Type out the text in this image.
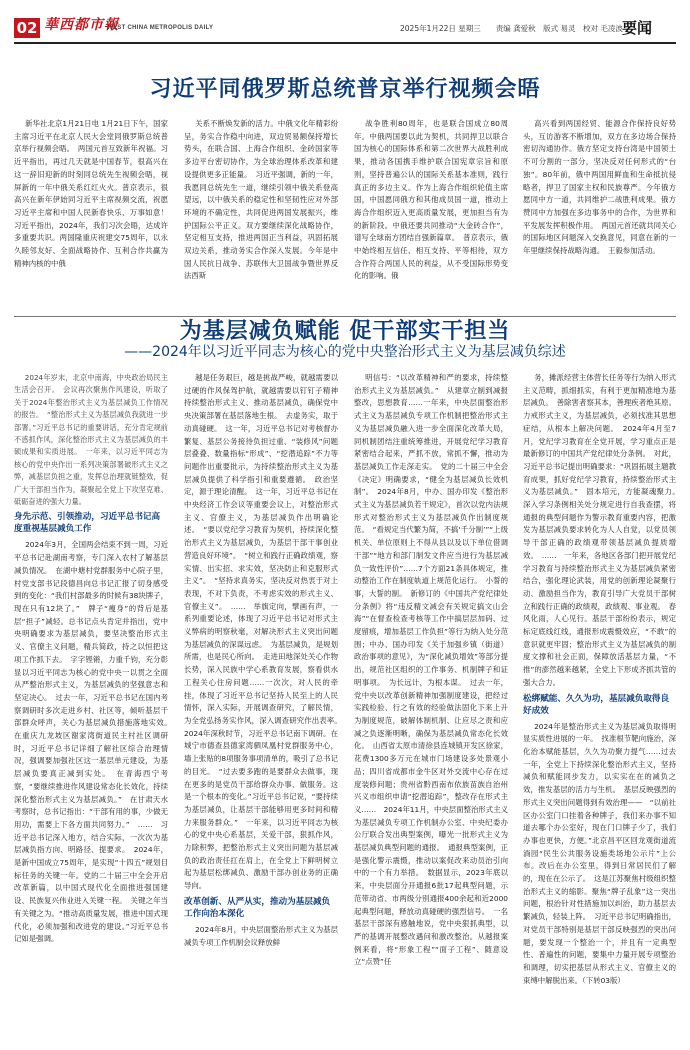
02 華西都市報
WEST CHINA METROPOLIS DAILY	2025年1月22日 星期三　　责编 龚爱秋　版式 易灵　校对 毛凌波 要闻
习近平同俄罗斯总统普京举行视频会晤

新华社北京1月21日电 1月21日下午，国家主席习近平在北京人民大会堂同俄罗斯总统普京举行视频会晤。　两国元首互致新年祝福。习近平指出，再过几天就是中国春节，很高兴在这一辞旧迎新的时刻同总统先生视频会晤，视屏新的一年中俄关系红红火火。普京表示，很高兴在新年伊始同习近平主席视频交流，祝愿习近平主席和中国人民新春快乐、万事如意！　习近平指出，2024年，我们习次会晤，达成许多重要共识。两国隆重庆祝建交75周年，以永久睦邻友好、全面战略协作、互利合作共赢为精神内核的中俄

关系不断焕发新的活力。中俄文化年精彩纷呈，务实合作稳中向进，双边贸易额保持增长势头，在联合国、上海合作组织、金砖国家等多边平台密切协作，为全球治理体系改革和建设提供更多正能量。　习近平强调，新的一年，我愿同总统先生一道，继续引领中俄关系登高望远，以中俄关系的稳定性和坚韧性应对外部环境的不确定性，共同促进两国发展振兴，维护国际公平正义。双方要继续深化战略协作，坚定相互支持，推进两国正当利益，巩固拓展双边关系，推动务实合作深入发展。今年是中国人民抗日战争、苏联伟大卫国战争暨世界反法西斯

战争胜利80周年，也是联合国成立80周年。中俄两国要以此为契机，共同捍卫以联合国为核心的国际体系和第二次世界大战胜利成果，推动各国携手维护联合国宪章宗旨和原则，坚持普遍公认的国际关系基本准则，践行真正的多边主义。作为上海合作组织轮值主席国，中国愿同俄方和其他成员国一道，推动上海合作组织迈入更高质量发展，更加担当有为的新阶段。中俄还要共同推动“大金砖合作”，谱写全球南方团结自强新篇章。　普京表示，俄中始终相互信任、相互支持、平等相待，双方合作符合两国人民的利益，从不受国际形势变化的影响。俄

高兴看到两国经贸、能源合作保持良好势头，互访游客不断增加，双方在多边场合保持密切沟通协作。俄方坚定支持台湾是中国领土不可分割的一部分，坚决反对任何形式的“台独”。80年前，俄中两国用鲜血和生命抵抗侵略者，捍卫了国家主权和民族尊严。今年俄方愿同中方一道，共同维护二战胜利成果。俄方赞同中方加强在多边事务中的合作，为世界和平发展发挥积极作用。　两国元首还就共同关心的国际地区问题深入交换意见，同意在新的一年里继续保持战略沟通。　王毅参加活动。

为基层减负赋能 促干部实干担当
——2024年以习近平同志为核心的党中央整治形式主义为基层减负综述

2024年岁末，北京中南海，中央政治局民主生活会召开。　会议再次聚焦作风建设，听取了关于2024年整治形式主义为基层减负工作情况的报告。　“整治形式主义为基层减负我就进一步部署。”习近平总书记的重要讲话，充分肯定规前不惑抓作风，深化整治形式主义为基层减负的丰硕成果和实质进展。　一年来，以习近平同志为核心的党中央作出一系列决策部署破形式主义之弊，减基层负担之重，发挥总治理就链整效，促广大干部担当作为，凝聚起全党上下攻坚克难、砥砺奋进的强大力量。

身先示范、引领推动，习近平总书记高度重视基层减负工作

2024年3月，全国两会结束不到一周，习近平总书记赴湖南考察，专门深入农村了解基层减负情况。　在湖中塘村党群服务中心院子里，村党支部书记段德昌向总书记汇报了切身感受到的变化：“我们村部最多的时候有38块牌子，现在只有12块了。”　牌子“瘦身”的背后是基层“担子”减轻。总书记点头肯定并指出，党中央明确要求为基层减负，要坚决整治形式主义、官僚主义问题，精兵简政，持之以恒把这项工作抓下去。　字字铿锵，力重千钧，充分彰显以习近平同志为核心的党中央一以贯之全面从严整治形式主义，为基层减负的坚强意志和坚定决心。　过去一年，习近平总书记在国内考察调研时多次走进乡村、社区等，倾听基层干部群众呼声，关心为基层减负措施落地实效。　在重庆九龙坡区谢家湾街道民主村社区调研时，习近平总书记详细了解社区综合治理情况，强调要加强社区这一基层单元建设，为基层减负要真正减到实处。　在青海西宁考察，“要继续推进作风建设常态化长效化，持续深化整治形式主义为基层减负。”　在甘肃天水考察时，总书记指出：“干部有用的事，少做无用功，需要上下各方面共同努力。”　……　习近平总书记深入地方，结合实际，一次次为基层减负指方向、明路径、提要求。　2024年，是新中国成立75周年，是实现“十四五”规划目标任务的关键一年。党的二十届三中全会开启改革新篇，以中国式现代化全面推进强国建设、民族复兴伟业进入关键一程。　关键之年当有关键之为。“推动高质量发展，推进中国式现代化，必须加强和改进党的建设。”习近平总书记如是强调。

越是任务艰巨，越是挑战严峻，就越需要以过硬的作风保驾护航，就越需要以钉钉子精神持续整治形式主义、推动基层减负，确保党中央决策部署在基层落地生根。　去虚务实，取于动真碰硬。　这一年，习近平总书记对考核督办繁复、基层公务接待负担过重、“装修风”问题层叠叠、数量指标“形成”、“挖潜追踪”不力等问题作出重要批示，为持续整治形式主义为基层减负提供了科学指引和重要遵循。　政治坚定，源于理论清醒。　这一年，习近平总书记在中央经济工作会议等重要会议上，对整治形式主义、官僚主义，为基层减负作出明确论述。　“要以党纪学习教育为契机，持续深化整治形式主义为基层减负，为基层干部干事创业营造良好环境”。　“树立和践行正确政绩观，察实情、出实招、求实效，坚决防止和克服形式主义”。　“坚持求真务实，坚决反对热衷于对上表现，不对下负责，不考虑实效的形式主义、官僚主义”。　……　举旗定向，擘画有声，一系列重要论述，体现了习近平总书记对形式主义弊病的明察秋毫，对解决形式主义突出问题为基层减负的深谋远虑。　为基层减负，是规划所需，也是民心所向。　走进田地深处关心作物长势，深入民族中学心系教育发展，察看供水工程关心住房问题……一次次，对人民的牵挂，体现了习近平总书记坚持人民至上的人民情怀，深入实际，开展调查研究，了解民情，为全党弘扬务实作风，深入调查研究作出表率。　2024年深秋时节，习近平总书记南下调研。在城宁市德查县德家湾驷凤凰村党群服务中心，墙上张贴的8项服务事项清单的，吸引了总书记的目光。　“过去要多跑的是要群众去做事，现在更多的是党员干部给群众办事、做服务。这是一个根本的变化。”习近平总书记说，“要持续为基层减负，让基层干部能够用更多时间和精力来服务群众。”　一年来，以习近平同志为核心的党中央心系基层，关爱干部，狠抓作风，力除积弊，把整治形式主义突出问题为基层减负的政治责任扛在肩上，在全党上下鲜明树立起为基层松绑减负、激励干部办创业务的正确导向。

改革创新、从严从实，推动为基层减负工作向治本深化

2024年8月，中央层面整治形式主义为基层减负专项工作机制会议释放鲜

明信号：“以改革精神和严的要求，持续整治形式主义为基层减负。”　从建章立制到减报整改，思想教育……一年来，中央层面整治形式主义为基层减负专项工作机制把整治形式主义为基层减负融入进一步全面深化改革大局，同机制团结注重统筹推进，开展党纪学习教育紧密结合起来，严抓不放，常抓不懈，推动为基层减负工作走深走实。　党的二十届三中全会《决定》明确要求，“健全为基层减负长效机制”。　2024年8月，中办、国办印发《整治形式主义为基层减负若干规定》，首次以党内法规形式对整治形式主义为基层减负作出制度规范。　“看规定当代繁为简，不搞‘千分制’”“上级机关、单位原则上不得从县以及以下单位借调干部”“地方和部门制发文件应当进行为基层减负一致性评价”……7个方面21条具体规定，推动整治工作在制度轨道上规范化运行。　小誓的事，大誓的制。　新修订的《中国共产党纪律处分条例》将“违反精文减会有关规定搞文山会海”“在督查检查考核等工作中搞层层加码、过度留痕，增加基层工作负担”等行为纳入处分范围；中办、国办印发《关于加强乡镇（街道）政治事项的意见》，为“深化减负增效”等部分提出，规范社区组织的工作事务、机制牌子和证明事项。　为长远计，为根本谋。　过去一年，党中央以改革创新精神加强制度建设，把经过实践检验、行之有效的经验做法固化下来上升为制度规范，破解体制机制、让应尽之责和应减之负逐渐明晰，确保为基层减负常态化长效化。　山西省太原市清徐县连城镇开发区徐家，花费1300多万元在城市门场建设多处景观小品；四川省成都市金牛区对外交流中心存在过度装修问题；贵州省黔西南布依族苗族自治州兴义市组织申请“挖潜追踪”，整改存在形式主义……　2024年11月，中央层面整治形式主义为基层减负专项工作机制办公室、中央纪委办公厅联合发出典型案例，曝光一批形式主义为基层减负典型问题的通报。　通报典型案例，正是强化警示震慑，推动以案促改来动员治引向中的一个有力举措。　数据显示，2023年底以来，中央层面分开通报6批17起典型问题，示范带动省、市两级分别通报400余起和近2000起典型问题，释放动真碰硬的强烈信号。　一名基层干部深有感触地说，党中央狠抓典型，以严的基调开展整改遇问和激改整治。从越报案例来看，将“形象工程”“面子工程”、随意设立“点赞”任

务，摊派经营主体营长任务等行为纳入形式主义范畴，抓细抓实，有利于更加精准地为基层减负。　善除害者察其本，善理疾者绝其原。力戒形式主义，为基层减负，必须找准其思想症结，从根本上解决问题。　2024年4月至7月，党纪学习教育在全党开展，学习重点正是最新修订的中国共产党纪律处分条例。　对此，习近平总书记提出明确要求：“巩固拓展主题教育成果，抓好党纪学习教育，持续整治形式主义为基层减负。”　固本培元，方能凝魂聚力。　深入学习条例相关处分规定进行自我查摆，将通报的典型问题作为警示教育重要内容，把激发为基层减负要求转化为人人自觉，以党员领导干部正确的政绩观带领基层减负提质增效。　……　一年来，各地区各部门把开展党纪学习教育与持续整治形式主义为基层减负紧密结合，强化理论武装，用党的创新理论凝聚行动、激励担当作为，教育引导广大党员干部树立和践行正确的政绩观，政绩观、事业观。　春风化雨，人心见行。基层干部纷纷表示，规定标定底线红线，通报形成震慑效应，“不敢”的意识就更牢固；整治形式主义为基层减负的制度文撑和社会正面，保障放活基层力量，“不推”的澎然越来越紧，全党上下形成齐抓共管的强大合力。

松绑赋能、久久为功，基层减负取得良好成效

2024年是整治形式主义为基层减负取得明显实质性进展的一年。　找准根节靶向施治，深化治本赋能基层，久久为功聚力提气……过去一年，全党上下持续深化整治形式主义，坚持减负和赋能同步发力，以实实在在的减负之效，推发基层的活力与生机。　基层反映强烈的形式主义突出问题得到有效治理——　“以前社区办公室门口挂着各种牌子，我们来办事不知道去哪个办公室好，现在门口牌子少了，我们办事也更快，方便。”北京昌平区回龙观街道流淌园“民生公共服务设施类场地公示片”上公布。改后在办公室里，得到日常居民们了解的，现在在公示了。　这是江苏聚焦村级组织整治形式主义的缩影。聚焦“牌子乱象”这一突出问题，根治针对性措施加以纠治，助力基层去繁减负，轻装上阵。　习近平总书记明确指出，对党员干部特别是基层干部反映强烈的突出问题，要发现一个整治一个，并且有一定典型性、普遍性的问题，要集中力量开展专项整治和调理，切实把基层从形式主义、官僚主义的束缚中解脱出来。（下转03版）
